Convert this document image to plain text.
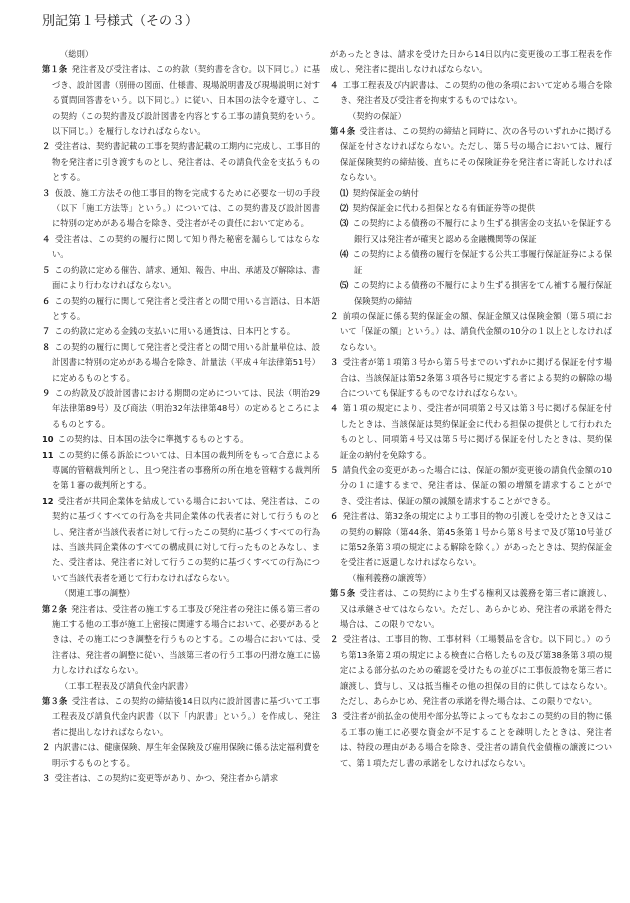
別記第１号様式（その３）

（総則）

第１条  発注者及び受注者は、この約款（契約書を含む。以下同じ。）に基づき、設計図書（別冊の図面、仕様書、現場説明書及び現場説明に対する質問回答書をいう。以下同じ。）に従い、日本国の法令を遵守し、この契約（この契約書及び設計図書を内容とする工事の請負契約をいう。以下同じ。）を履行しなければならない。

２  受注者は、契約書記載の工事を契約書記載の工期内に完成し、工事目的物を発注者に引き渡すものとし、発注者は、その請負代金を支払うものとする。

３  仮設、施工方法その他工事目的物を完成するために必要な一切の手段（以下「施工方法等」という。）については、この契約書及び設計図書に特別の定めがある場合を除き、受注者がその責任において定める。

４  受注者は、この契約の履行に関して知り得た秘密を漏らしてはならない。

５  この約款に定める催告、請求、通知、報告、申出、承諾及び解除は、書面により行わなければならない。

６  この契約の履行に関して発注者と受注者との間で用いる言語は、日本語とする。

７  この約款に定める金銭の支払いに用いる通貨は、日本円とする。

８  この契約の履行に関して発注者と受注者との間で用いる計量単位は、設計図書に特別の定めがある場合を除き、計量法（平成４年法律第51号）に定めるものとする。

９  この約款及び設計図書における期間の定めについては、民法（明治29年法律第89号）及び商法（明治32年法律第48号）の定めるところによるものとする。

10  この契約は、日本国の法令に準拠するものとする。

11  この契約に係る訴訟については、日本国の裁判所をもって合意による専属的管轄裁判所とし、且つ発注者の事務所の所在地を管轄する裁判所を第１審の裁判所とする。

12  受注者が共同企業体を結成している場合においては、発注者は、この契約に基づくすべての行為を共同企業体の代表者に対して行うものとし、発注者が当該代表者に対して行ったこの契約に基づくすべての行為は、当該共同企業体のすべての構成員に対して行ったものとみなし、また、受注者は、発注者に対して行うこの契約に基づくすべての行為について当該代表者を通じて行わなければならない。

（関連工事の調整）

第２条  発注者は、受注者の施工する工事及び発注者の発注に係る第三者の施工する他の工事が施工上密接に関連する場合において、必要があるときは、その施工につき調整を行うものとする。この場合においては、受注者は、発注者の調整に従い、当該第三者の行う工事の円滑な施工に協力しなければならない。

（工事工程表及び請負代金内訳書）

第３条  受注者は、この契約の締結後14日以内に設計図書に基づいて工事工程表及び請負代金内訳書（以下「内訳書」という。）を作成し、発注者に提出しなければならない。

２  内訳書には、健康保険、厚生年金保険及び雇用保険に係る法定福利費を明示するものとする。

３  受注者は、この契約に変更等があり、かつ、発注者から請求

があったときは、請求を受けた日から14日以内に変更後の工事工程表を作成し、発注者に提出しなければならない。

４  工事工程表及び内訳書は、この契約の他の条項において定める場合を除き、発注者及び受注者を拘束するものではない。

（契約の保証）

第４条  受注者は、この契約の締結と同時に、次の各号のいずれかに掲げる保証を付さなければならない。ただし、第５号の場合においては、履行保証保険契約の締結後、直ちにその保険証券を発注者に寄託しなければならない。

⑴  契約保証金の納付

⑵  契約保証金に代わる担保となる有価証券等の提供

⑶  この契約による債務の不履行により生ずる損害金の支払いを保証する銀行又は発注者が確実と認める金融機関等の保証

⑷  この契約による債務の履行を保証する公共工事履行保証証券による保証

⑸  この契約による債務の不履行により生ずる損害をてん補する履行保証保険契約の締結

２  前項の保証に係る契約保証金の額、保証金額又は保険金額（第５項において「保証の額」という。）は、請負代金額の10分の１以上としなければならない。

３  受注者が第１項第３号から第５号までのいずれかに掲げる保証を付す場合は、当該保証は第52条第３項各号に規定する者による契約の解除の場合についても保証するものでなければならない。

４  第１項の規定により、受注者が同項第２号又は第３号に掲げる保証を付したときは、当該保証は契約保証金に代わる担保の提供として行われたものとし、同項第４号又は第５号に掲げる保証を付したときは、契約保証金の納付を免除する。

５  請負代金の変更があった場合には、保証の額が変更後の請負代金額の10分の１に達するまで、発注者は、保証の額の増額を請求することができ、受注者は、保証の額の減額を請求することができる。

６  発注者は、第32条の規定により工事目的物の引渡しを受けたとき又はこの契約の解除（第44条、第45条第１号から第８号まで及び第10号並びに第52条第３項の規定による解除を除く。）があったときは、契約保証金を受注者に返還しなければならない。

（権利義務の譲渡等）

第５条  受注者は、この契約により生ずる権利又は義務を第三者に譲渡し、又は承継させてはならない。ただし、あらかじめ、発注者の承諾を得た場合は、この限りでない。

２  受注者は、工事目的物、工事材料（工場製品を含む。以下同じ。）のうち第13条第２項の規定による検査に合格したもの及び第38条第３項の規定による部分払のための確認を受けたもの並びに工事仮設物を第三者に譲渡し、貸与し、又は抵当権その他の担保の目的に供してはならない。ただし、あらかじめ、発注者の承諾を得た場合は、この限りでない。

３  受注者が前払金の使用や部分払等によってもなおこの契約の目的物に係る工事の施工に必要な資金が不足することを疎明したときは、発注者は、特段の理由がある場合を除き、受注者の請負代金債権の譲渡について、第１項ただし書の承諾をしなければならない。
